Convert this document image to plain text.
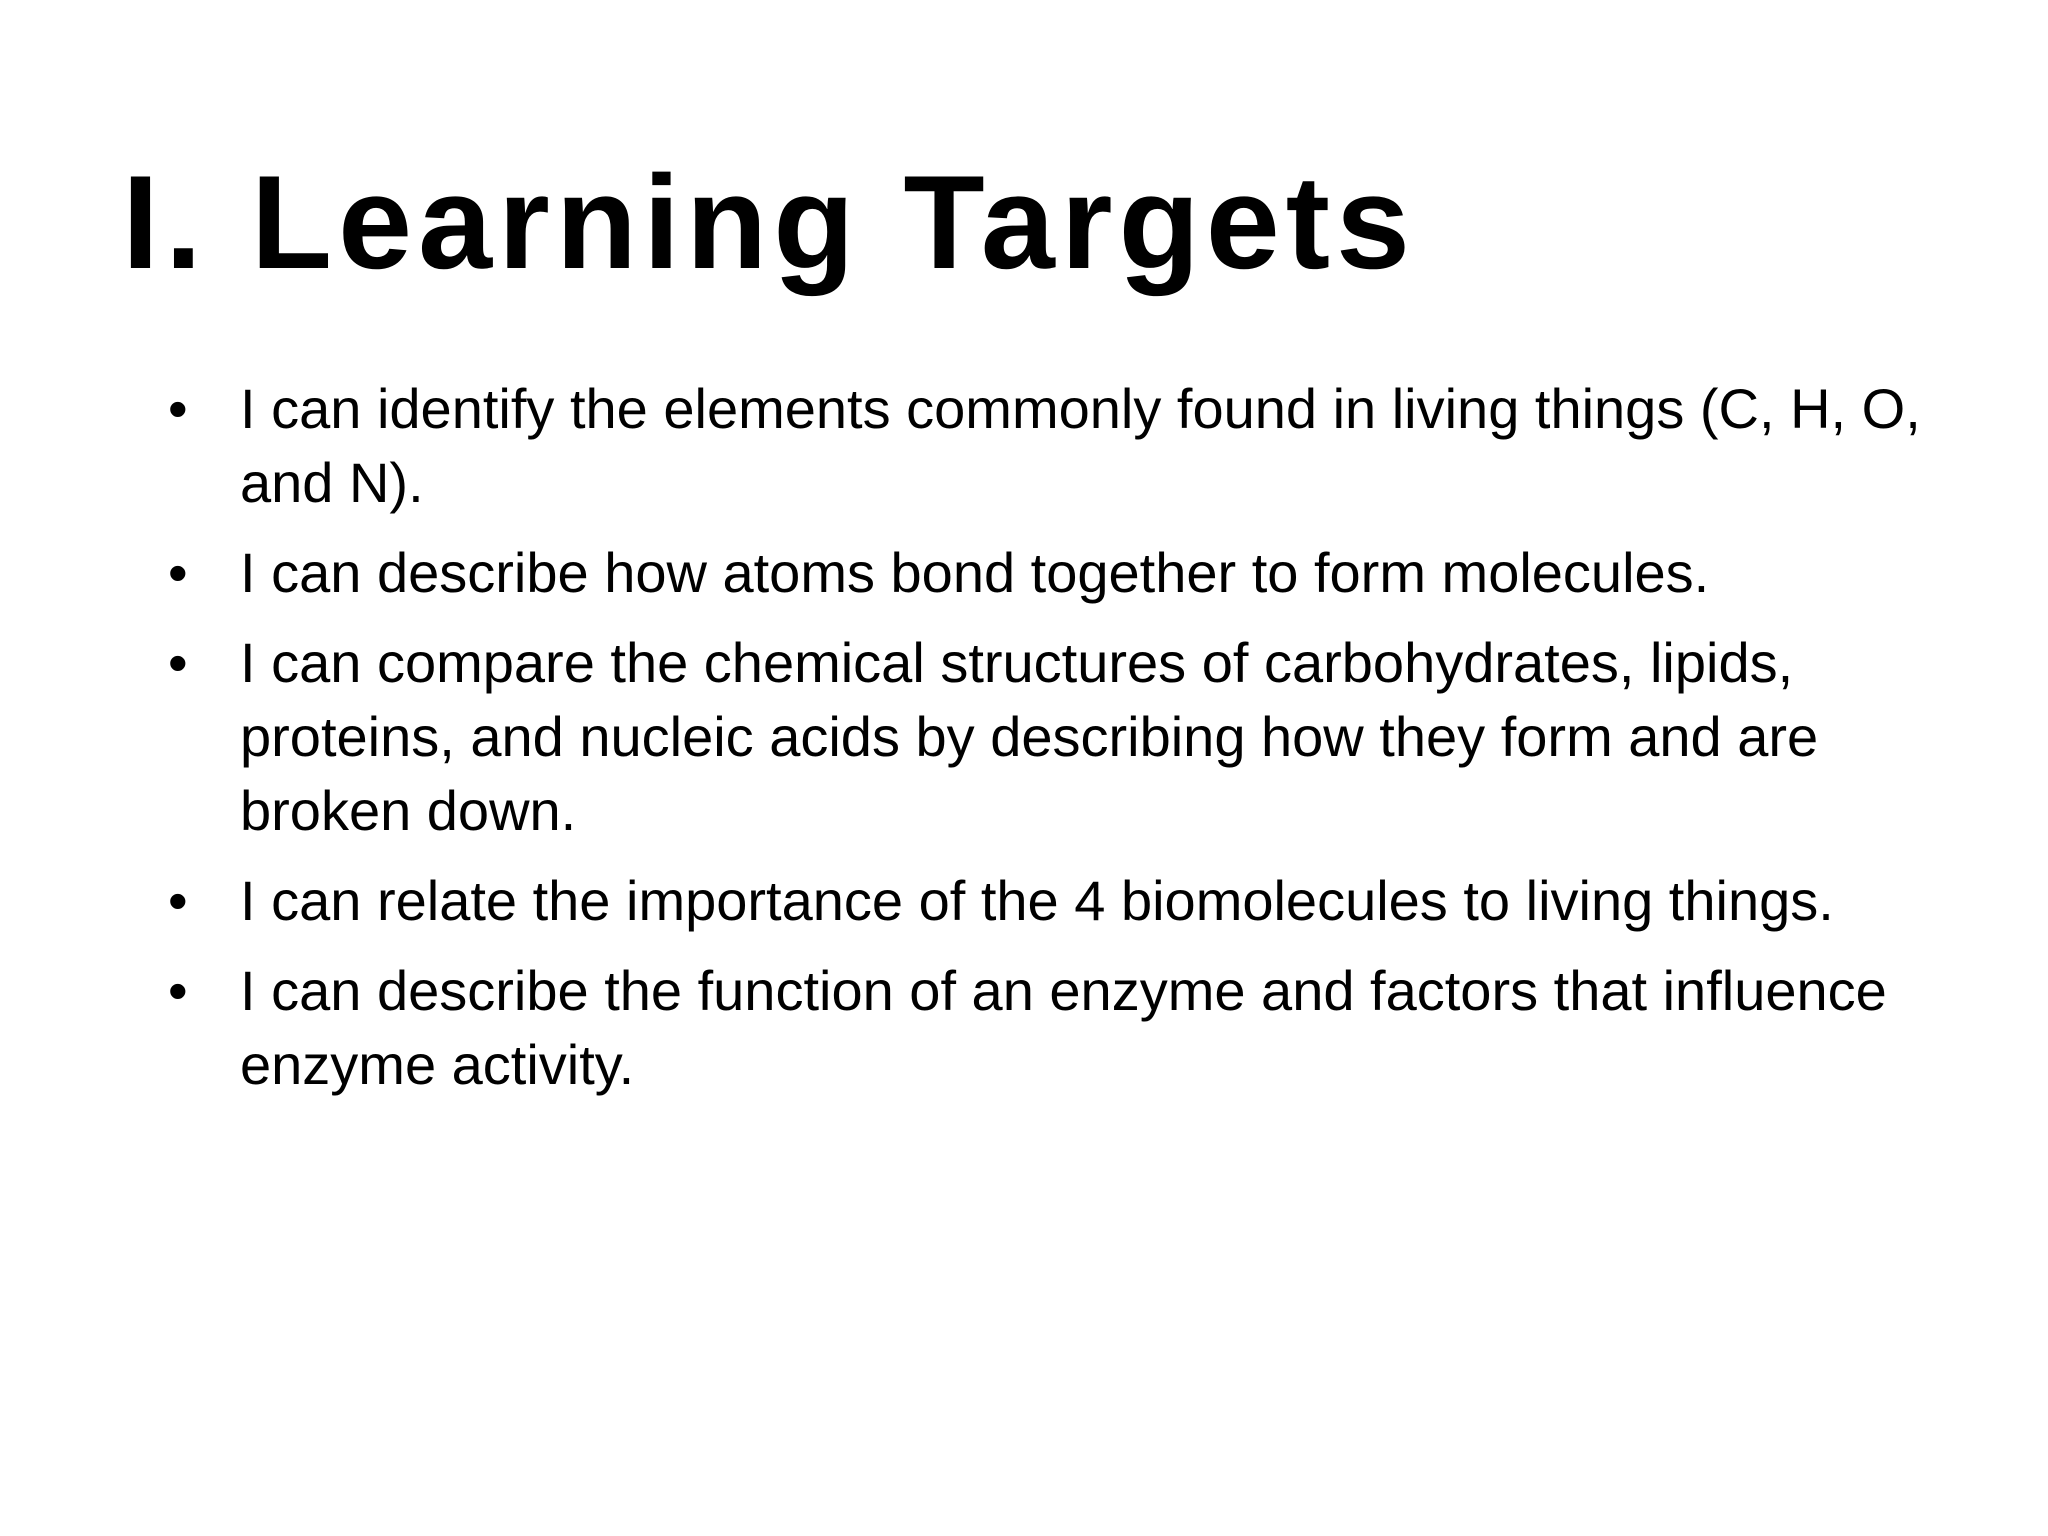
I. Learning Targets
• I can identify the elements commonly found in living things (C, H, O, and N).
• I can describe how atoms bond together to form molecules.
• I can compare the chemical structures of carbohydrates, lipids, proteins, and nucleic acids by describing how they form and are broken down.
• I can relate the importance of the 4 biomolecules to living things.
• I can describe the function of an enzyme and factors that influence enzyme activity.
